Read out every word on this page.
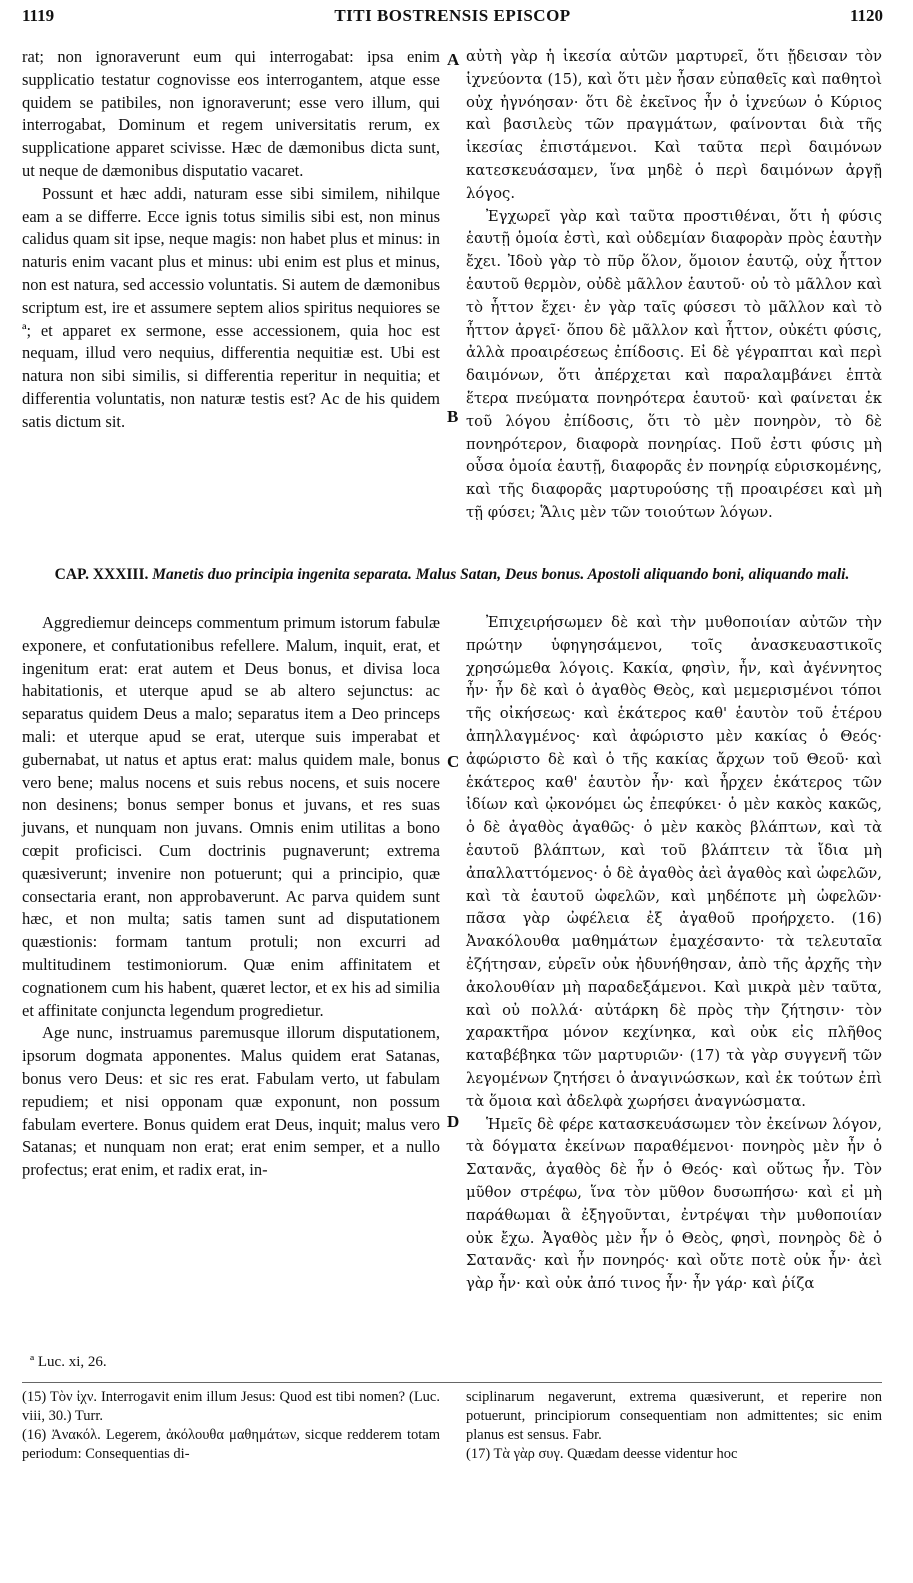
1119	TITI BOSTRENSIS EPISCOP	1120

rat; non ignoraverunt eum qui interrogabat: ipsa enim supplicatio testatur cognovisse eos interrogantem, atque esse quidem se patibiles, non ignoraverunt; esse vero illum, qui interrogabat, Dominum et regem universitatis rerum, ex supplicatione apparet scivisse. Hæc de dæmonibus dicta sunt, ut neque de dæmonibus disputatio vacaret.

Possunt et hæc addi, naturam esse sibi similem, nihilque eam a se differre. Ecce ignis totus similis sibi est, non minus calidus quam sit ipse, neque magis: non habet plus et minus: in naturis enim vacant plus et minus: ubi enim est plus et minus, non est natura, sed accessio voluntatis. Si autem de dæmonibus scriptum est, ire et assumere septem alios spiritus nequiores se ª; et apparet ex sermone, esse accessionem, quia hoc est nequam, illud vero nequius, differentia nequitiæ est. Ubi est natura non sibi similis, si differentia reperitur in nequitia; et differentia voluntatis, non naturæ testis est? Ac de his quidem satis dictum sit.

αὐτὴ γὰρ ἡ ἱκεσία αὐτῶν μαρτυρεῖ, ὅτι ᾔδεισαν τὸν ἱχνεύοντα (15), καὶ ὅτι μὲν ἦσαν εὐπαθεῖς καὶ παθητοὶ οὐχ ἠγνόησαν· ὅτι δὲ ἐκεῖνος ἦν ὁ ἱχνεύων ὁ Κύριος καὶ βασιλεὺς τῶν πραγμάτων, φαίνονται διὰ τῆς ἱκεσίας ἐπιστάμενοι. Καὶ ταῦτα περὶ δαιμόνων κατεσκευάσαμεν, ἵνα μηδὲ ὁ περὶ δαιμόνων ἀργῇ λόγος.

Ἐγχωρεῖ γὰρ καὶ ταῦτα προστιθέναι, ὅτι ἡ φύσις ἑαυτῇ ὁμοία ἐστὶ, καὶ οὐδεμίαν διαφορὰν πρὸς ἑαυτὴν ἔχει. Ἰδοὺ γὰρ τὸ πῦρ ὅλον, ὅμοιον ἑαυτῷ, οὐχ ἧττον ἑαυτοῦ θερμὸν, οὐδὲ μᾶλλον ἑαυτοῦ· οὐ τὸ μᾶλλον καὶ τὸ ἧττον ἔχει· ἐν γὰρ ταῖς φύσεσι τὸ μᾶλλον καὶ τὸ ἧττον ἀργεῖ· ὅπου δὲ μᾶλλον καὶ ἧττον, οὐκέτι φύσις, ἀλλὰ προαιρέσεως ἐπίδοσις. Εἰ δὲ γέγραπται καὶ περὶ δαιμόνων, ὅτι ἀπέρχεται καὶ παραλαμβάνει ἑπτὰ ἕτερα πνεύματα πονηρότερα ἑαυτοῦ· καὶ φαίνεται ἐκ τοῦ λόγου ἐπίδοσις, ὅτι τὸ μὲν πονηρὸν, τὸ δὲ πονηρότερον, διαφορὰ πονηρίας. Ποῦ ἐστι φύσις μὴ οὖσα ὁμοία ἑαυτῇ, διαφορᾶς ἐν πονηρίᾳ εὑρισκομένης, καὶ τῆς διαφορᾶς μαρτυρούσης τῇ προαιρέσει καὶ μὴ τῇ φύσει; Ἅλις μὲν τῶν τοιούτων λόγων.

A
B
CAP. XXXIII. Manetis duo principia ingenita separata. Malus Satan, Deus bonus. Apostoli aliquando boni, aliquando mali.

Aggrediemur deinceps commentum primum istorum fabulæ exponere, et confutationibus refellere. Malum, inquit, erat, et ingenitum erat: erat autem et Deus bonus, et divisa loca habitationis, et uterque apud se ab altero sejunctus: ac separatus quidem Deus a malo; separatus item a Deo princeps mali: et uterque apud se erat, uterque suis imperabat et gubernabat, ut natus et aptus erat: malus quidem male, bonus vero bene; malus nocens et suis rebus nocens, et suis nocere non desinens; bonus semper bonus et juvans, et res suas juvans, et nunquam non juvans. Omnis enim utilitas a bono cœpit proficisci. Cum doctrinis pugnaverunt; extrema quæsiverunt; invenire non potuerunt; qui a principio, quæ consectaria erant, non approbaverunt. Ac parva quidem sunt hæc, et non multa; satis tamen sunt ad disputationem quæstionis: formam tantum protuli; non excurri ad multitudinem testimoniorum. Quæ enim affinitatem et cognationem cum his habent, quæret lector, et ex his ad similia et affinitate conjuncta legendum progredietur.

Age nunc, instruamus paremusque illorum disputationem, ipsorum dogmata apponentes. Malus quidem erat Satanas, bonus vero Deus: et sic res erat. Fabulam verto, ut fabulam repudiem; et nisi opponam quæ exponunt, non possum fabulam evertere. Bonus quidem erat Deus, inquit; malus vero Satanas; et nunquam non erat; erat enim semper, et a nullo profectus; erat enim, et radix erat, in-

Ἐπιχειρήσωμεν δὲ καὶ τὴν μυθοποιίαν αὐτῶν τὴν πρώτην ὑφηγησάμενοι, τοῖς ἀνασκευαστικοῖς χρησώμεθα λόγοις. Κακία, φησὶν, ἦν, καὶ ἀγέννητος ἦν· ἦν δὲ καὶ ὁ ἀγαθὸς Θεὸς, καὶ μεμερισμένοι τόποι τῆς οἰκήσεως· καὶ ἑκάτερος καθ' ἑαυτὸν τοῦ ἑτέρου ἀπηλλαγμένος· καὶ ἀφώριστο μὲν κακίας ὁ Θεός· ἀφώριστο δὲ καὶ ὁ τῆς κακίας ἄρχων τοῦ Θεοῦ· καὶ ἑκάτερος καθ' ἑαυτὸν ἦν· καὶ ἦρχεν ἑκάτερος τῶν ἰδίων καὶ ᾠκονόμει ὡς ἐπεφύκει· ὁ μὲν κακὸς κακῶς, ὁ δὲ ἀγαθὸς ἀγαθῶς· ὁ μὲν κακὸς βλάπτων, καὶ τὰ ἑαυτοῦ βλάπτων, καὶ τοῦ βλάπτειν τὰ ἴδια μὴ ἀπαλλαττόμενος· ὁ δὲ ἀγαθὸς ἀεὶ ἀγαθὸς καὶ ὠφελῶν, καὶ τὰ ἑαυτοῦ ὠφελῶν, καὶ μηδέποτε μὴ ὠφελῶν· πᾶσα γὰρ ὠφέλεια ἐξ ἀγαθοῦ προήρχετο. (16) Ἀνακόλουθα μαθημάτων ἐμαχέσαντο· τὰ τελευταῖα ἐζήτησαν, εὑρεῖν οὐκ ἠδυνήθησαν, ἀπὸ τῆς ἀρχῆς τὴν ἀκολουθίαν μὴ παραδεξάμενοι. Καὶ μικρὰ μὲν ταῦτα, καὶ οὐ πολλά· αὐτάρκη δὲ πρὸς τὴν ζήτησιν· τὸν χαρακτῆρα μόνον κεχίνηκα, καὶ οὐκ εἰς πλῆθος καταβέβηκα τῶν μαρτυριῶν· (17) τὰ γὰρ συγγενῆ τῶν λεγομένων ζητήσει ὁ ἀναγινώσκων, καὶ ἐκ τούτων ἐπὶ τὰ ὅμοια καὶ ἀδελφὰ χωρήσει ἀναγνώσματα.

Ἡμεῖς δὲ φέρε κατασκευάσωμεν τὸν ἐκείνων λόγον, τὰ δόγματα ἐκείνων παραθέμενοι· πονηρὸς μὲν ἦν ὁ Σατανᾶς, ἀγαθὸς δὲ ἦν ὁ Θεός· καὶ οὕτως ἦν. Τὸν μῦθον στρέφω, ἵνα τὸν μῦθον δυσωπήσω· καὶ εἰ μὴ παράθωμαι ἃ ἐξηγοῦνται, ἐντρέψαι τὴν μυθοποιίαν οὐκ ἔχω. Ἀγαθὸς μὲν ἦν ὁ Θεὸς, φησὶ, πονηρὸς δὲ ὁ Σατανᾶς· καὶ ἦν πονηρός· καὶ οὔτε ποτὲ οὐκ ἦν· ἀεὶ γὰρ ἦν· καὶ οὐκ ἀπό τινος ἦν· ἦν γάρ· καὶ ῥίζα

C
D
ª Luc. xi, 26.

(15) Τὸν ἰχν. Interrogavit enim illum Jesus: Quod est tibi nomen? (Luc. viii, 30.) Turr.

(16) Ἀνακόλ. Legerem, ἀκόλουθα μαθημάτων, sicque redderem totam periodum: Consequentias di-

sciplinarum negaverunt, extrema quæsiverunt, et reperire non potuerunt, principiorum consequentiam non admittentes; sic enim planus est sensus. Fabr.

(17) Τὰ γὰρ συγ. Quædam deesse videntur hoc
